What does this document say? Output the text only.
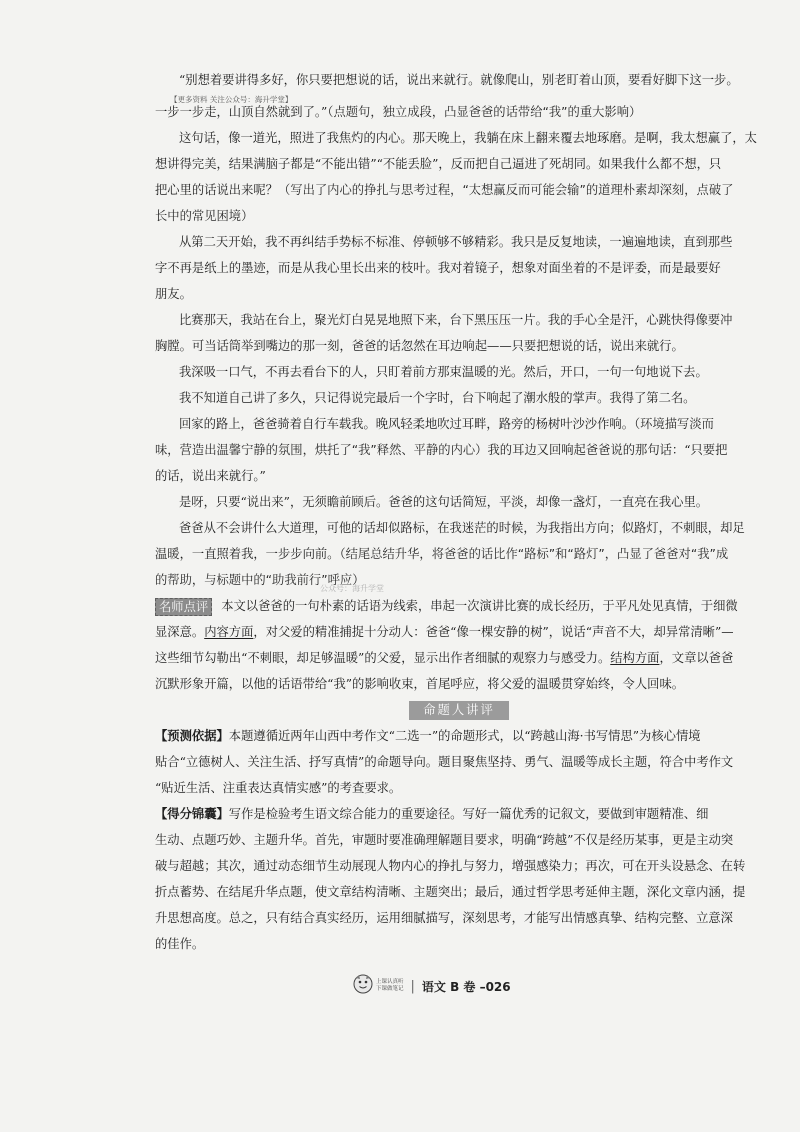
【更多资料 关注公众号：海升学堂】
“别想着要讲得多好，你只要把想说的话，说出来就行。就像爬山，别老盯着山顶，要看好脚下这一步。
一步一步走，山顶自然就到了。”（点题句，独立成段，凸显爸爸的话带给“我”的重大影响）
这句话，像一道光，照进了我焦灼的内心。那天晚上，我躺在床上翻来覆去地琢磨。是啊，我太想赢了，太
想讲得完美，结果满脑子都是“不能出错”“不能丢脸”，反而把自己逼进了死胡同。如果我什么都不想，只
把心里的话说出来呢？（写出了内心的挣扎与思考过程，“太想赢反而可能会输”的道理朴素却深刻，点破了
长中的常见困境）
从第二天开始，我不再纠结手势标不标准、停顿够不够精彩。我只是反复地读，一遍遍地读，直到那些
字不再是纸上的墨迹，而是从我心里长出来的枝叶。我对着镜子，想象对面坐着的不是评委，而是最要好
朋友。
比赛那天，我站在台上，聚光灯白晃晃地照下来，台下黑压压一片。我的手心全是汗，心跳快得像要冲
胸膛。可当话筒举到嘴边的那一刻，爸爸的话忽然在耳边响起——只要把想说的话，说出来就行。
我深吸一口气，不再去看台下的人，只盯着前方那束温暖的光。然后，开口，一句一句地说下去。
我不知道自己讲了多久，只记得说完最后一个字时，台下响起了潮水般的掌声。我得了第二名。
回家的路上，爸爸骑着自行车载我。晚风轻柔地吹过耳畔，路旁的杨树叶沙沙作响。（环境描写淡而
味，营造出温馨宁静的氛围，烘托了“我”释然、平静的内心）我的耳边又回响起爸爸说的那句话：“只要把
的话，说出来就行。”
是呀，只要“说出来”，无须瞻前顾后。爸爸的这句话简短，平淡，却像一盏灯，一直亮在我心里。
爸爸从不会讲什么大道理，可他的话却似路标，在我迷茫的时候，为我指出方向；似路灯，不刺眼，却足
温暖，一直照着我，一步步向前。（结尾总结升华，将爸爸的话比作“路标”和“路灯”，凸显了爸爸对“我”成
的帮助，与标题中的“助我前行”呼应）
名师点评 本文以爸爸的一句朴素的话语为线索，串起一次演讲比赛的成长经历，于平凡处见真情，于细微
显深意。内容方面，对父爱的精准捕捉十分动人：爸爸“像一棵安静的树”，说话“声音不大，却异常清晰”—
这些细节勾勒出“不刺眼，却足够温暖”的父爱，显示出作者细腻的观察力与感受力。结构方面，文章以爸爸
沉默形象开篇，以他的话语带给“我”的影响收束，首尾呼应，将父爱的温暖贯穿始终，令人回味。
命题人讲评
【预测依据】本题遵循近两年山西中考作文“二选一”的命题形式，以“跨越山海·书写情思”为核心情境
贴合“立德树人、关注生活、抒写真情”的命题导向。题目聚焦坚持、勇气、温暖等成长主题，符合中考作文
“贴近生活、注重表达真情实感”的考查要求。
【得分锦囊】写作是检验考生语文综合能力的重要途径。写好一篇优秀的记叙文，要做到审题精准、细
生动、点题巧妙、主题升华。首先，审题时要准确理解题目要求，明确“跨越”不仅是经历某事，更是主动突
破与超越；其次，通过动态细节生动展现人物内心的挣扎与努力，增强感染力；再次，可在开头设悬念、在转
折点蓄势、在结尾升华点题，使文章结构清晰、主题突出；最后，通过哲学思考延伸主题，深化文章内涵，提
升思想高度。总之，只有结合真实经历，运用细腻描写，深刻思考，才能写出情感真挚、结构完整、立意深
的佳作。
公众号：海升学堂
上课认真听
下课做笔记 | 语文 B 卷 –026
